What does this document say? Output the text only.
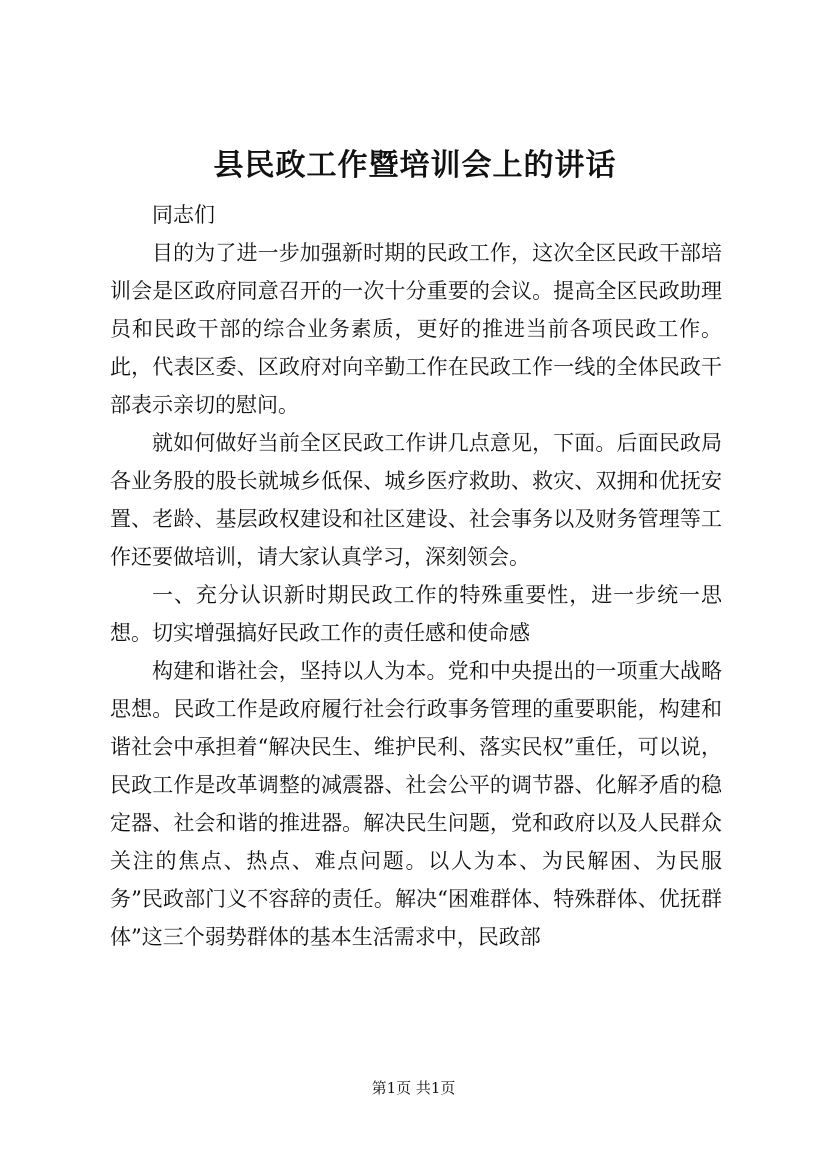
县民政工作暨培训会上的讲话

同志们

目的为了进一步加强新时期的民政工作，这次全区民政干部培训会是区政府同意召开的一次十分重要的会议。提高全区民政助理员和民政干部的综合业务素质，更好的推进当前各项民政工作。此，代表区委、区政府对向辛勤工作在民政工作一线的全体民政干部表示亲切的慰问。

就如何做好当前全区民政工作讲几点意见，下面。后面民政局各业务股的股长就城乡低保、城乡医疗救助、救灾、双拥和优抚安置、老龄、基层政权建设和社区建设、社会事务以及财务管理等工作还要做培训，请大家认真学习，深刻领会。

一、充分认识新时期民政工作的特殊重要性，进一步统一思想。切实增强搞好民政工作的责任感和使命感

构建和谐社会，坚持以人为本。党和中央提出的一项重大战略思想。民政工作是政府履行社会行政事务管理的重要职能，构建和谐社会中承担着“解决民生、维护民利、落实民权”重任，可以说，民政工作是改革调整的减震器、社会公平的调节器、化解矛盾的稳定器、社会和谐的推进器。解决民生问题，党和政府以及人民群众关注的焦点、热点、难点问题。以人为本、为民解困、为民服务”民政部门义不容辞的责任。解决“困难群体、特殊群体、优抚群体”这三个弱势群体的基本生活需求中，民政部

第1页 共1页
